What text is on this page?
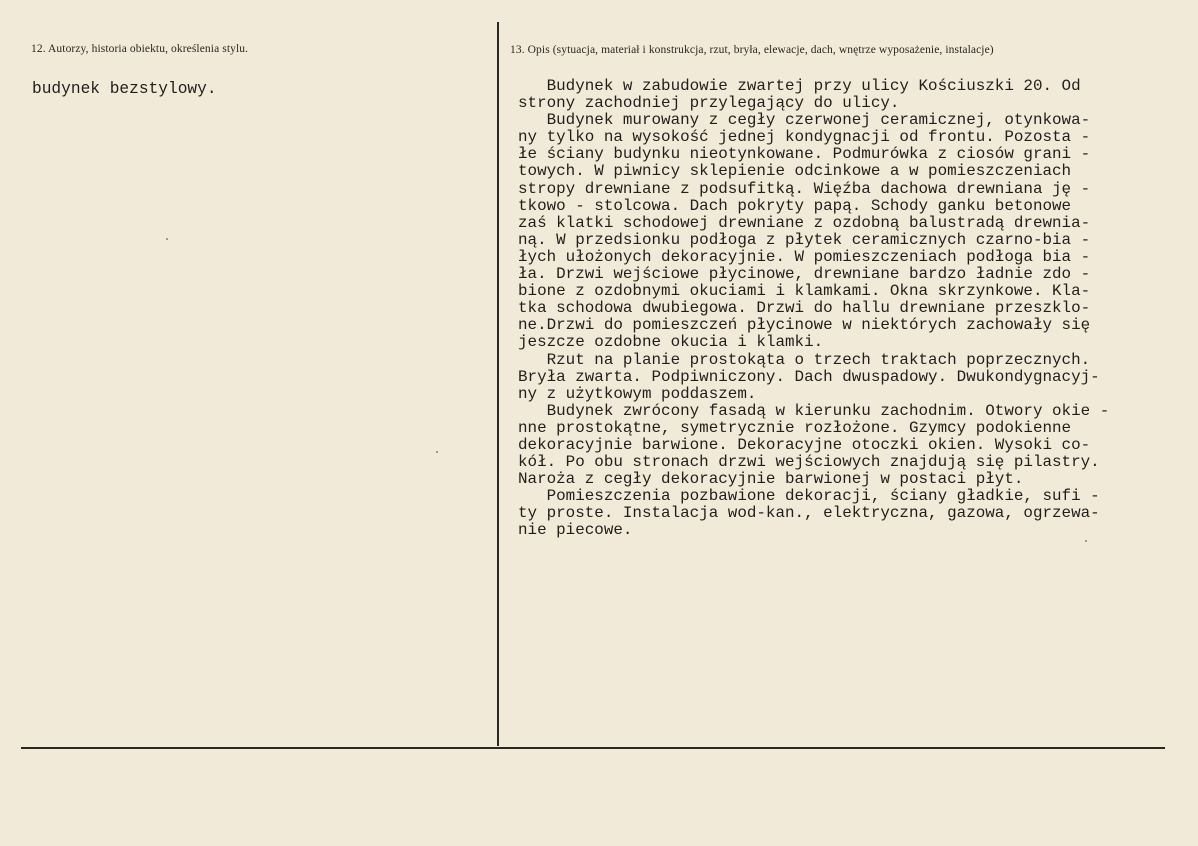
12. Autorzy, historia obiektu, określenia stylu.
budynek bezstylowy.
13. Opis (sytuacja, materiał i konstrukcja, rzut, bryła, elewacje, dach, wnętrze wyposażenie, instalacje)
Budynek w zabudowie zwartej przy ulicy Kościuszki 20. Od
strony zachodniej przylegający do ulicy.
Budynek murowany z cegły czerwonej ceramicznej, otynkowa-
ny tylko na wysokość jednej kondygnacji od frontu. Pozosta -
łe ściany budynku nieotynkowane. Podmurówka z ciosów grani -
towych. W piwnicy sklepienie odcinkowe a w pomieszczeniach
stropy drewniane z podsufitką. Więźba dachowa drewniana ję -
tkowo - stolcowa. Dach pokryty papą. Schody ganku betonowe
zaś klatki schodowej drewniane z ozdobną balustradą drewnia-
ną. W przedsionku podłoga z płytek ceramicznych czarno-bia -
łych ułożonych dekoracyjnie. W pomieszczeniach podłoga bia -
ła. Drzwi wejściowe płycinowe, drewniane bardzo ładnie zdo -
bione z ozdobnymi okuciami i klamkami. Okna skrzynkowe. Kla-
tka schodowa dwubiegowa. Drzwi do hallu drewniane przeszklo-
ne.Drzwi do pomieszczeń płycinowe w niektórych zachowały się
jeszcze ozdobne okucia i klamki.
Rzut na planie prostokąta o trzech traktach poprzecznych.
Bryła zwarta. Podpiwniczony. Dach dwuspadowy. Dwukondygnacyj-
ny z użytkowym poddaszem.
Budynek zwrócony fasadą w kierunku zachodnim. Otwory okie -
nne prostokątne, symetrycznie rozłożone. Gzymcy podokienne
dekoracyjnie barwione. Dekoracyjne otoczki okien. Wysoki co-
kół. Po obu stronach drzwi wejściowych znajdują się pilastry.
Naroża z cegły dekoracyjnie barwionej w postaci płyt.
Pomieszczenia pozbawione dekoracji, ściany gładkie, sufi -
ty proste. Instalacja wod-kan., elektryczna, gazowa, ogrzewa-
nie piecowe.
